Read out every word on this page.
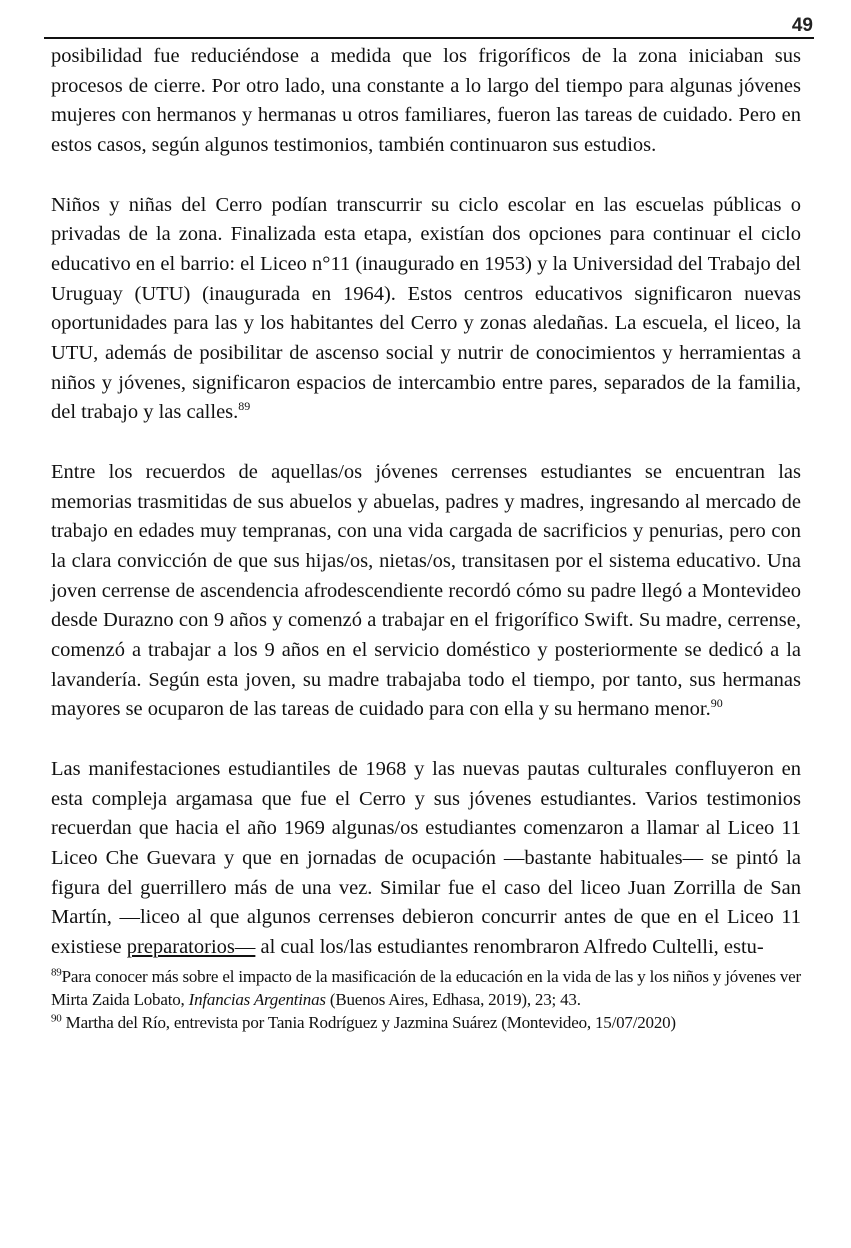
49

posibilidad fue reduciéndose a medida que los frigoríficos de la zona iniciaban sus procesos de cierre. Por otro lado, una constante a lo largo del tiempo para algunas jóvenes mujeres con hermanos y hermanas u otros familiares, fueron las tareas de cuidado. Pero en estos casos, según algunos testimonios, también continuaron sus estudios.

Niños y niñas del Cerro podían transcurrir su ciclo escolar en las escuelas públicas o privadas de la zona. Finalizada esta etapa, existían dos opciones para continuar el ciclo educativo en el barrio: el Liceo n°11 (inaugurado en 1953) y la Universidad del Trabajo del Uruguay (UTU) (inaugurada en 1964). Estos centros educativos significaron nuevas oportunidades para las y los habitantes del Cerro y zonas aledañas. La escuela, el liceo, la UTU, además de posibilitar de ascenso social y nutrir de conocimientos y herramientas a niños y jóvenes, significaron espacios de intercambio entre pares, separados de la familia, del trabajo y las calles.$^{89}$

Entre los recuerdos de aquellas/os jóvenes cerrenses estudiantes se encuentran las memorias trasmitidas de sus abuelos y abuelas, padres y madres, ingresando al mercado de trabajo en edades muy tempranas, con una vida cargada de sacrificios y penurias, pero con la clara convicción de que sus hijas/os, nietas/os, transitasen por el sistema educativo. Una joven cerrense de ascendencia afrodescendiente recordó cómo su padre llegó a Montevideo desde Durazno con 9 años y comenzó a trabajar en el frigorífico Swift. Su madre, cerrense, comenzó a trabajar a los 9 años en el servicio doméstico y posteriormente se dedicó a la lavandería. Según esta joven, su madre trabajaba todo el tiempo, por tanto, sus hermanas mayores se ocuparon de las tareas de cuidado para con ella y su hermano menor.$^{90}$

Las manifestaciones estudiantiles de 1968 y las nuevas pautas culturales confluyeron en esta compleja argamasa que fue el Cerro y sus jóvenes estudiantes. Varios testimonios recuerdan que hacia el año 1969 algunas/os estudiantes comenzaron a llamar al Liceo 11 Liceo Che Guevara y que en jornadas de ocupación —bastante habituales— se pintó la figura del guerrillero más de una vez. Similar fue el caso del liceo Juan Zorrilla de San Martín, —liceo al que algunos cerrenses debieron concurrir antes de que en el Liceo 11 existiese preparatorios— al cual los/las estudiantes renombraron Alfredo Cultelli, estu-

$^{89}$Para conocer más sobre el impacto de la masificación de la educación en la vida de las y los niños y jóvenes ver Mirta Zaida Lobato, Infancias Argentinas (Buenos Aires, Edhasa, 2019), 23; 43.

$^{90}$ Martha del Río, entrevista por Tania Rodríguez y Jazmina Suárez (Montevideo, 15/07/2020)
